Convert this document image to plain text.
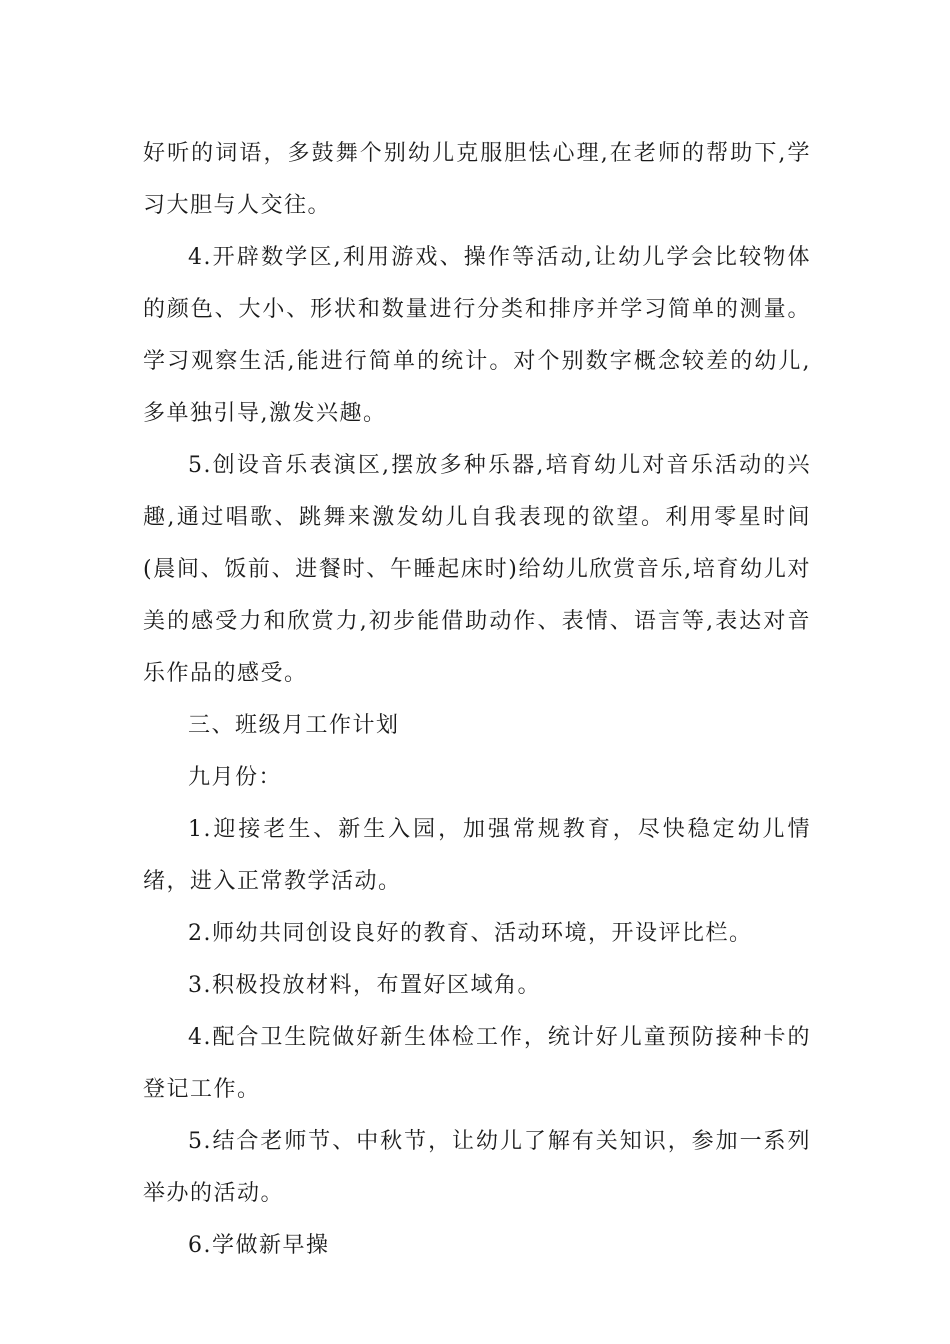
好听的词语，多鼓舞个别幼儿克服胆怯心理,在老师的帮助下,学习大胆与人交往。

4.开辟数学区,利用游戏、操作等活动,让幼儿学会比较物体的颜色、大小、形状和数量进行分类和排序并学习简单的测量。学习观察生活,能进行简单的统计。对个别数字概念较差的幼儿,多单独引导,激发兴趣。

5.创设音乐表演区,摆放多种乐器,培育幼儿对音乐活动的兴趣,通过唱歌、跳舞来激发幼儿自我表现的欲望。利用零星时间(晨间、饭前、进餐时、午睡起床时)给幼儿欣赏音乐,培育幼儿对美的感受力和欣赏力,初步能借助动作、表情、语言等,表达对音乐作品的感受。

三、班级月工作计划

九月份：

1.迎接老生、新生入园，加强常规教育，尽快稳定幼儿情绪，进入正常教学活动。

2.师幼共同创设良好的教育、活动环境，开设评比栏。

3.积极投放材料，布置好区域角。

4.配合卫生院做好新生体检工作，统计好儿童预防接种卡的登记工作。

5.结合老师节、中秋节，让幼儿了解有关知识，参加一系列举办的活动。

6.学做新早操
